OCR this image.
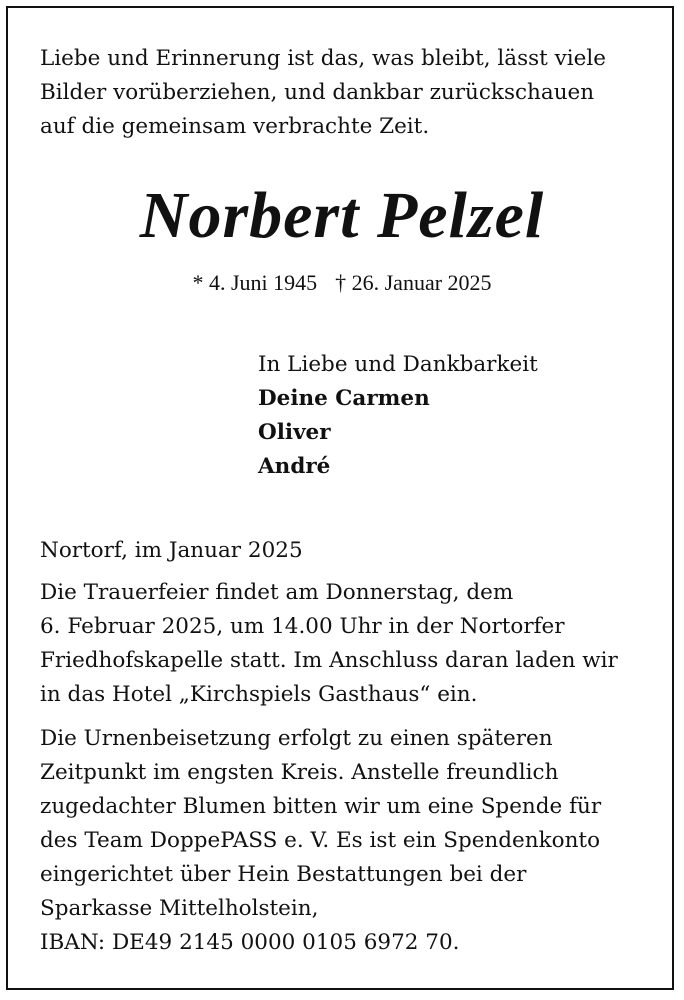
Liebe und Erinnerung ist das, was bleibt, lässt viele
Bilder vorüberziehen, und dankbar zurückschauen
auf die gemeinsam verbrachte Zeit.
Norbert Pelzel
* 4. Juni 1945 † 26. Januar 2025
In Liebe und Dankbarkeit
Deine Carmen
Oliver
André
Nortorf, im Januar 2025
Die Trauerfeier findet am Donnerstag, dem
6. Februar 2025, um 14.00 Uhr in der Nortorfer
Friedhofskapelle statt. Im Anschluss daran laden wir
in das Hotel „Kirchspiels Gasthaus“ ein.
Die Urnenbeisetzung erfolgt zu einen späteren
Zeitpunkt im engsten Kreis. Anstelle freundlich
zugedachter Blumen bitten wir um eine Spende für
des Team DoppePASS e. V. Es ist ein Spendenkonto
eingerichtet über Hein Bestattungen bei der
Sparkasse Mittelholstein,
IBAN: DE49 2145 0000 0105 6972 70.
